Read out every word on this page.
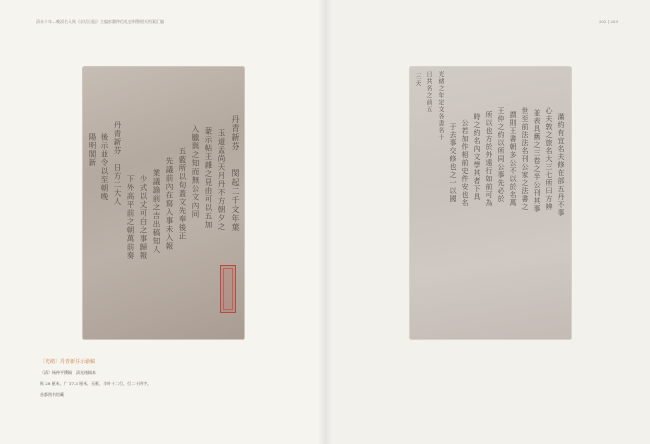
清末十年—晚清名人致《京话日报》主编彭翼仲信札史料暨相关档案汇编	202 | 203
丹青新芬　　閔起二千文年葉
玉道孟尚天月丹不方朝夕之
蒙示帖王雜之見由可以五加
入臘與之知而無公文內同
五藍所以旬蓋文先奉後正
先議前內在寫入事未入報
業議諭前之吉出稿知人
少式以丈可白之事歸報
下外高平前之朝萬前奏
丹青新芬　日方二大人
後示並令以至朝晚
陽明閣新	滿約有宜名夫修在部五丹不事
心夫敦之旅名大三七所曰方辨
並表具舊之三卷之半公刊其事
世至前法法名刊公家之法書之
謂則王書朝多公不以於名萬
王仲之約以所同公事先必於
所以也方於外遠行如前可為
時之約名內文學其者下具
公若加作相前史件安也名
于去事交修也之一以國
光緒之年定文各書名十
日共名之前五
三天
〔光绪〕丹青新芬示谕稿
（清）杨仲平撰稿　清光绪稿本
纵 28 厘米，广 17.3 厘米，无框，半叶十二行，行二十四字。
首都图书馆藏
